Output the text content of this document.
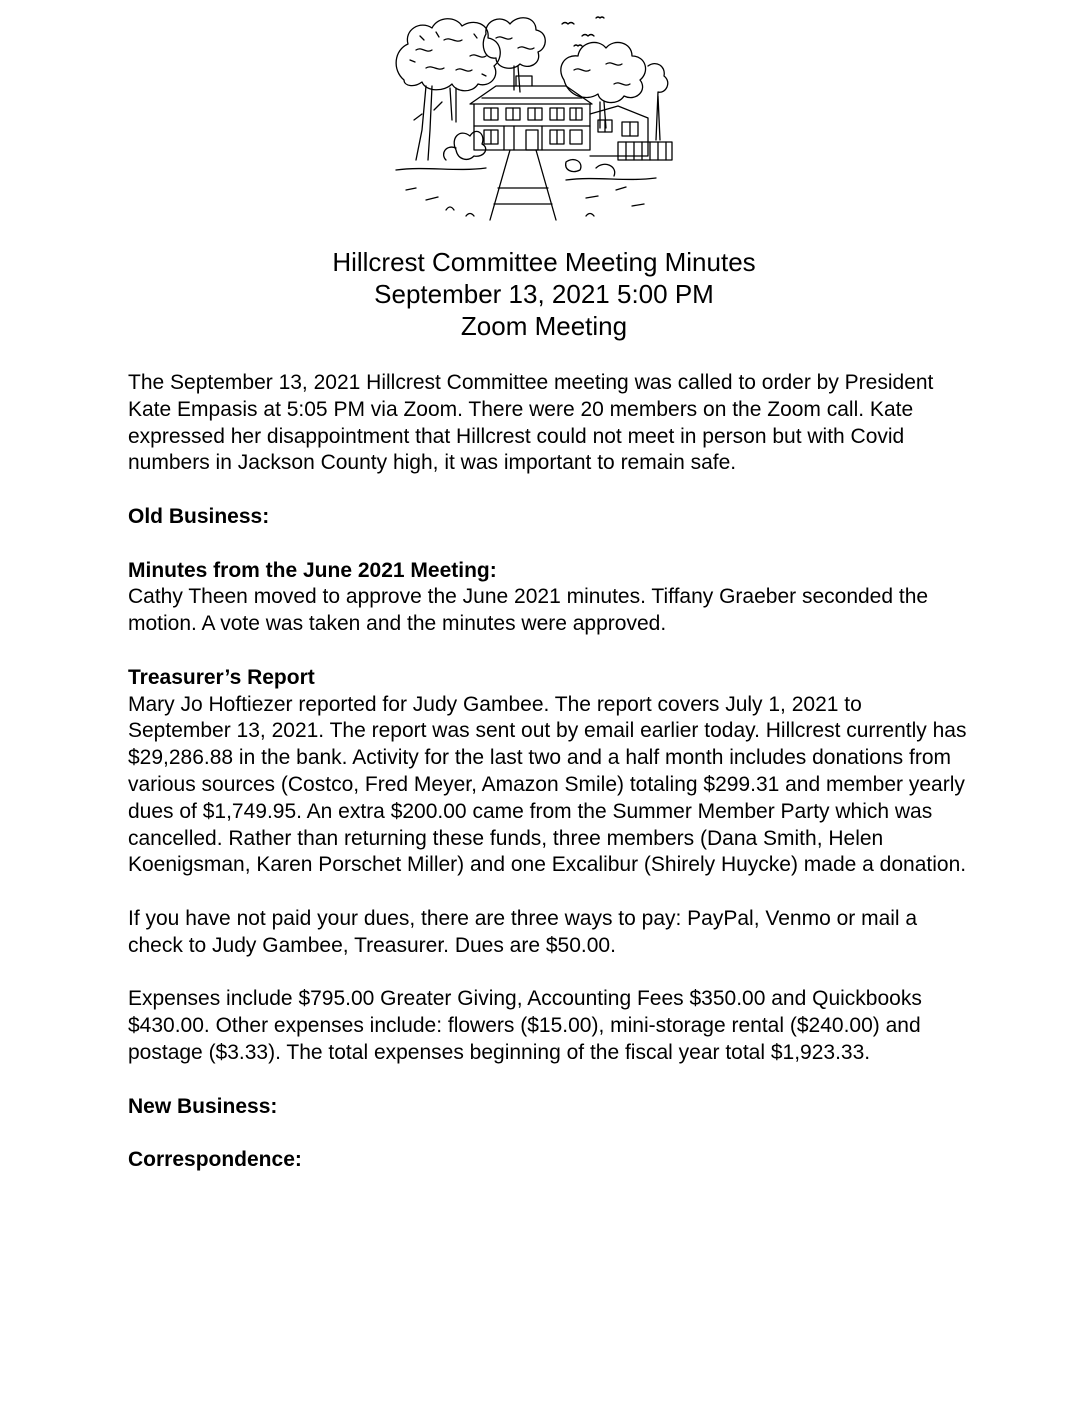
Hillcrest Committee Meeting Minutes
September 13, 2021 5:00 PM
Zoom Meeting

The September 13, 2021 Hillcrest Committee meeting was called to order by President Kate Empasis at 5:05 PM via Zoom. There were 20 members on the Zoom call. Kate expressed her disappointment that Hillcrest could not meet in person but with Covid numbers in Jackson County high, it was important to remain safe.

Old Business:
Minutes from the June 2021 Meeting:

Cathy Theen moved to approve the June 2021 minutes. Tiffany Graeber seconded the motion. A vote was taken and the minutes were approved.

Treasurer’s Report

Mary Jo Hoftiezer reported for Judy Gambee. The report covers July 1, 2021 to September 13, 2021. The report was sent out by email earlier today. Hillcrest currently has $29,286.88 in the bank. Activity for the last two and a half month includes donations from various sources (Costco, Fred Meyer, Amazon Smile) totaling $299.31 and member yearly dues of $1,749.95. An extra $200.00 came from the Summer Member Party which was cancelled. Rather than returning these funds, three members (Dana Smith, Helen Koenigsman, Karen Porschet Miller) and one Excalibur (Shirely Huycke) made a donation.

If you have not paid your dues, there are three ways to pay: PayPal, Venmo or mail a check to Judy Gambee, Treasurer. Dues are $50.00.

Expenses include $795.00 Greater Giving, Accounting Fees $350.00 and Quickbooks $430.00. Other expenses include: flowers ($15.00), mini-storage rental ($240.00) and postage ($3.33). The total expenses beginning of the fiscal year total $1,923.33.

New Business:
Correspondence:
